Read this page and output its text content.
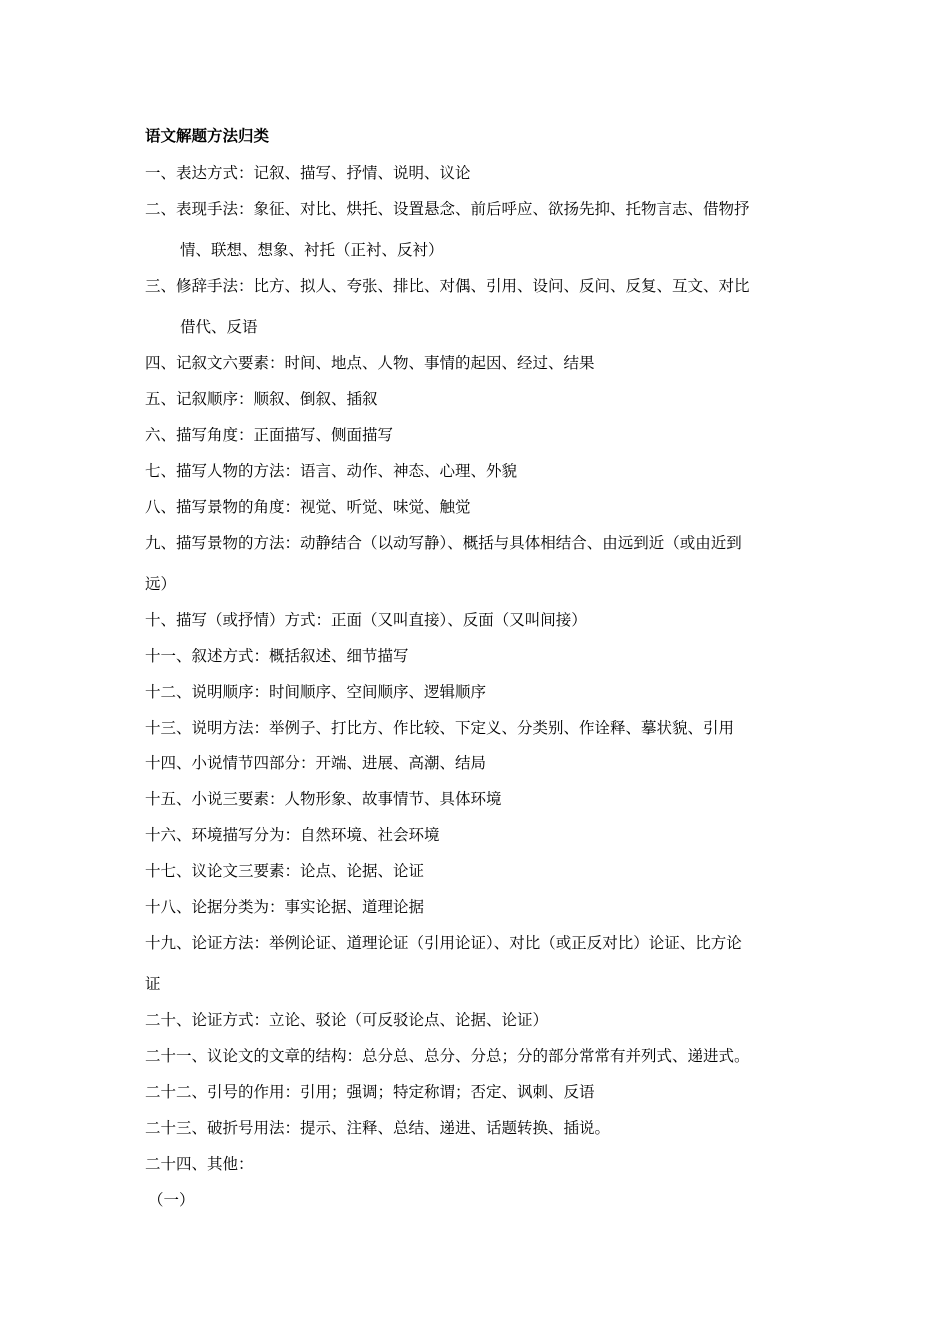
语文解题方法归类
一、表达方式：记叙、描写、抒情、说明、议论
二、表现手法：象征、对比、烘托、设置悬念、前后呼应、欲扬先抑、托物言志、借物抒
情、联想、想象、衬托（正衬、反衬）
三、修辞手法：比方、拟人、夸张、排比、对偶、引用、设问、反问、反复、互文、对比
借代、反语
四、记叙文六要素：时间、地点、人物、事情的起因、经过、结果
五、记叙顺序：顺叙、倒叙、插叙
六、描写角度：正面描写、侧面描写
七、描写人物的方法：语言、动作、神态、心理、外貌
八、描写景物的角度：视觉、听觉、味觉、触觉
九、描写景物的方法：动静结合（以动写静）、概括与具体相结合、由远到近（或由近到
远）
十、描写（或抒情）方式：正面（又叫直接）、反面（又叫间接）
十一、叙述方式：概括叙述、细节描写
十二、说明顺序：时间顺序、空间顺序、逻辑顺序
十三、说明方法：举例子、打比方、作比较、下定义、分类别、作诠释、摹状貌、引用
十四、小说情节四部分：开端、进展、高潮、结局
十五、小说三要素：人物形象、故事情节、具体环境
十六、环境描写分为：自然环境、社会环境
十七、议论文三要素：论点、论据、论证
十八、论据分类为：事实论据、道理论据
十九、论证方法：举例论证、道理论证（引用论证）、对比（或正反对比）论证、比方论
证
二十、论证方式：立论、驳论（可反驳论点、论据、论证）
二十一、议论文的文章的结构：总分总、总分、分总；分的部分常常有并列式、递进式。
二十二、引号的作用：引用；强调；特定称谓；否定、讽刺、反语
二十三、破折号用法：提示、注释、总结、递进、话题转换、插说。
二十四、其他：
（一）
